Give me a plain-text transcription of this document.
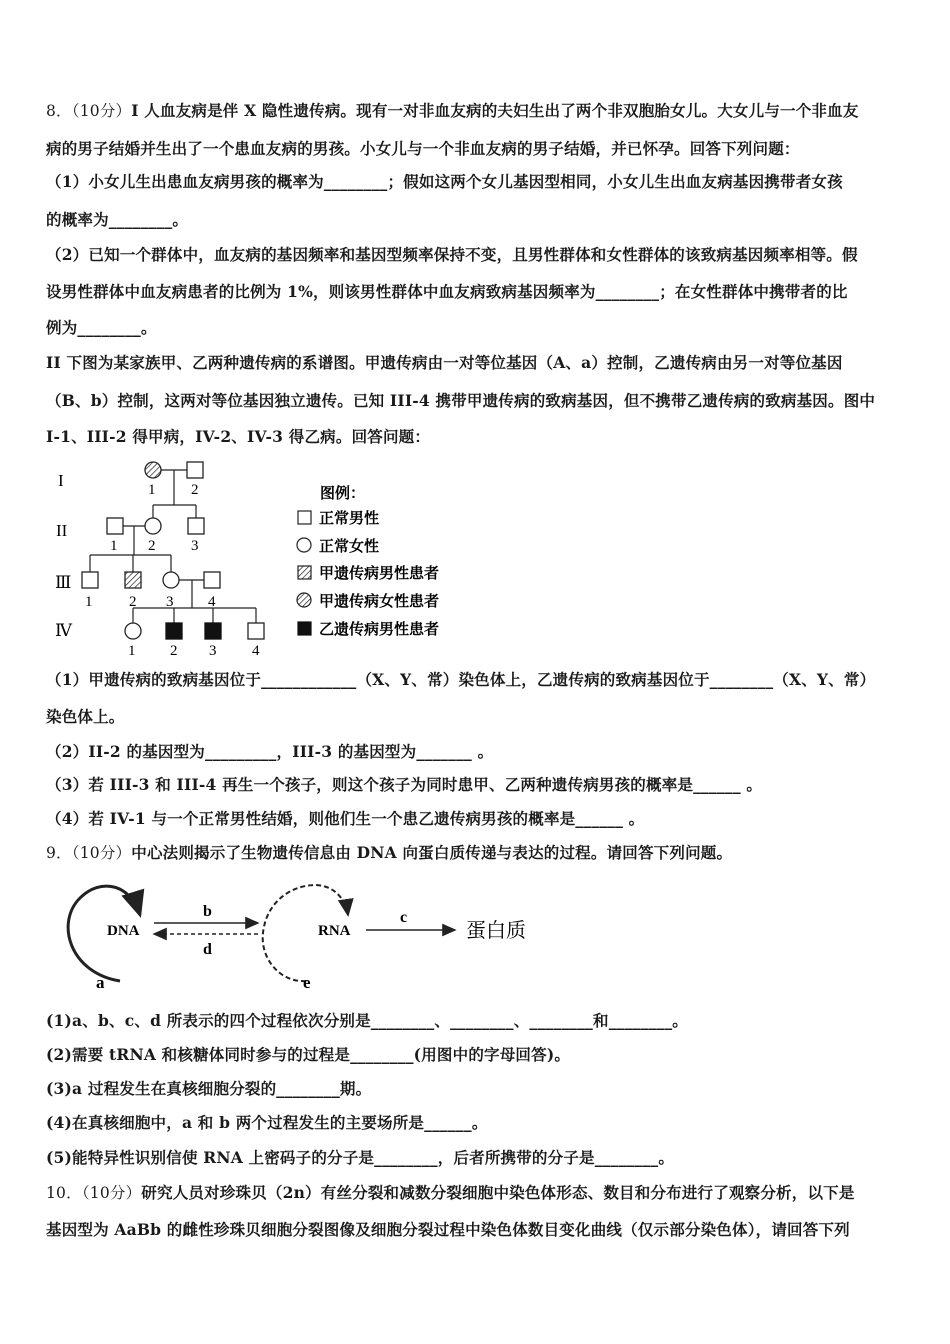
8．（10分）I 人血友病是伴 X 隐性遗传病。现有一对非血友病的夫妇生出了两个非双胞胎女儿。大女儿与一个非血友
病的男子结婚并生出了一个患血友病的男孩。小女儿与一个非血友病的男子结婚，并已怀孕。回答下列问题：
（1）小女儿生出患血友病男孩的概率为________；假如这两个女儿基因型相同，小女儿生出血友病基因携带者女孩
的概率为________。
（2）已知一个群体中，血友病的基因频率和基因型频率保持不变，且男性群体和女性群体的该致病基因频率相等。假
设男性群体中血友病患者的比例为 1%，则该男性群体中血友病致病基因频率为________；在女性群体中携带者的比
例为________。
II 下图为某家族甲、乙两种遗传病的系谱图。甲遗传病由一对等位基因（A、a）控制，乙遗传病由另一对等位基因
（B、b）控制，这两对等位基因独立遗传。已知 III-4 携带甲遗传病的致病基因，但不携带乙遗传病的致病基因。图中
I-1、III-2 得甲病，IV-2、IV-3 得乙病。回答问题：
I
II
Ⅲ
Ⅳ
1 2
1 2 3
1 2 3 4
1 2 3 4
图例：
正常男性
正常女性
甲遗传病男性患者
甲遗传病女性患者
乙遗传病男性患者
（1）甲遗传病的致病基因位于____________（X、Y、常）染色体上，乙遗传病的致病基因位于________（X、Y、常）
染色体上。
（2）II-2 的基因型为_________，III-3 的基因型为_______ 。
（3）若 III-3 和 III-4 再生一个孩子，则这个孩子为同时患甲、乙两种遗传病男孩的概率是______ 。
（4）若 IV-1 与一个正常男性结婚，则他们生一个患乙遗传病男孩的概率是______ 。
9．（10分）中心法则揭示了生物遗传信息由 DNA 向蛋白质传递与表达的过程。请回答下列问题。
DNA
a
b
d
RNA
e
c
蛋白质
(1)a、b、c、d 所表示的四个过程依次分别是________、________、________和________。
(2)需要 tRNA 和核糖体同时参与的过程是________(用图中的字母回答)。
(3)a 过程发生在真核细胞分裂的________期。
(4)在真核细胞中，a 和 b 两个过程发生的主要场所是______。
(5)能特异性识别信使 RNA 上密码子的分子是________，后者所携带的分子是________。
10．（10分）研究人员对珍珠贝（2n）有丝分裂和减数分裂细胞中染色体形态、数目和分布进行了观察分析，以下是
基因型为 AaBb 的雌性珍珠贝细胞分裂图像及细胞分裂过程中染色体数目变化曲线（仅示部分染色体），请回答下列
